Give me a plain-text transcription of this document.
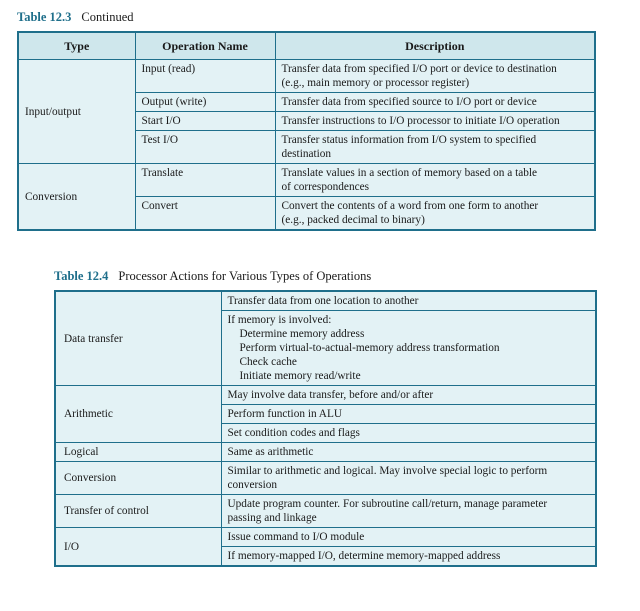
Table 12.3 Continued
Type	Operation Name	Description
Input/output	Input (read)	Transfer data from specified I/O port or device to destination
(e.g., main memory or processor register)

	Output (write)	Transfer data from specified source to I/O port or device

	Start I/O	Transfer instructions to I/O processor to initiate I/O operation

	Test I/O	Transfer status information from I/O system to specified
destination

Conversion	Translate	Translate values in a section of memory based on a table
of correspondences

	Convert	Convert the contents of a word from one form to another
(e.g., packed decimal to binary)
Table 12.4 Processor Actions for Various Types of Operations
Data transfer	Transfer data from one location to another

	If memory is involved:
Determine memory address
Perform virtual-to-actual-memory address transformation
Check cache
Initiate memory read/write

Arithmetic	May involve data transfer, before and/or after

	Perform function in ALU

	Set condition codes and flags

Logical	Same as arithmetic

Conversion	Similar to arithmetic and logical. May involve special logic to perform
conversion

Transfer of control	Update program counter. For subroutine call/return, manage parameter
passing and linkage

I/O	Issue command to I/O module

	If memory-mapped I/O, determine memory-mapped address
